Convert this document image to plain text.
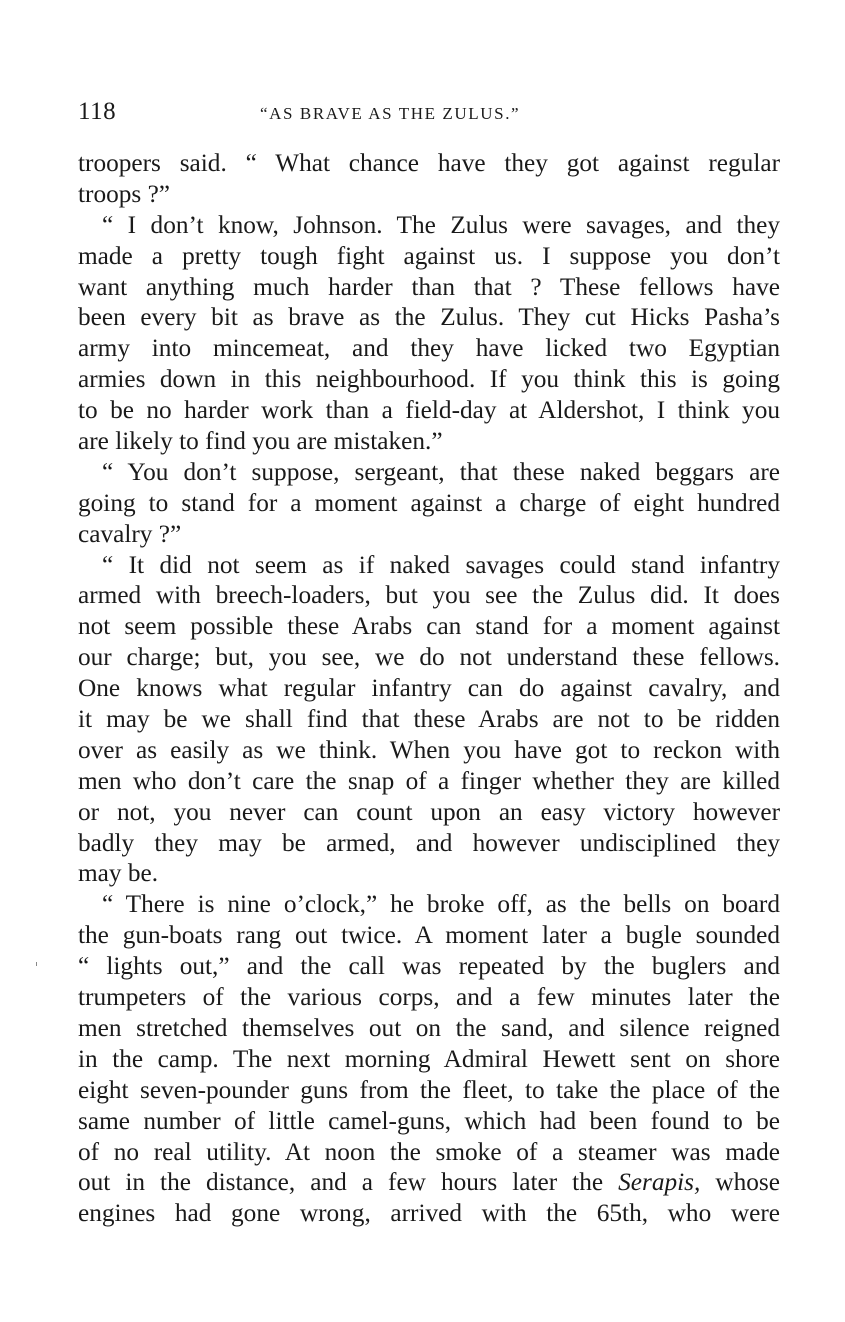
118	“AS BRAVE AS THE ZULUS.”
troopers said. “ What chance have they got against regular
troops ?”
“ I don’t know, Johnson. The Zulus were savages, and they
made a pretty tough fight against us. I suppose you don’t
want anything much harder than that ? These fellows have
been every bit as brave as the Zulus. They cut Hicks Pasha’s
army into mincemeat, and they have licked two Egyptian
armies down in this neighbourhood. If you think this is going
to be no harder work than a field-day at Aldershot, I think you
are likely to find you are mistaken.”
“ You don’t suppose, sergeant, that these naked beggars are
going to stand for a moment against a charge of eight hundred
cavalry ?”
“ It did not seem as if naked savages could stand infantry
armed with breech-loaders, but you see the Zulus did. It does
not seem possible these Arabs can stand for a moment against
our charge; but, you see, we do not understand these fellows.
One knows what regular infantry can do against cavalry, and
it may be we shall find that these Arabs are not to be ridden
over as easily as we think. When you have got to reckon with
men who don’t care the snap of a finger whether they are killed
or not, you never can count upon an easy victory however
badly they may be armed, and however undisciplined they
may be.
“ There is nine o’clock,” he broke off, as the bells on board
the gun-boats rang out twice. A moment later a bugle sounded
“ lights out,” and the call was repeated by the buglers and
trumpeters of the various corps, and a few minutes later the
men stretched themselves out on the sand, and silence reigned
in the camp. The next morning Admiral Hewett sent on shore
eight seven-pounder guns from the fleet, to take the place of the
same number of little camel-guns, which had been found to be
of no real utility. At noon the smoke of a steamer was made
out in the distance, and a few hours later the Serapis, whose
engines had gone wrong, arrived with the 65th, who were
